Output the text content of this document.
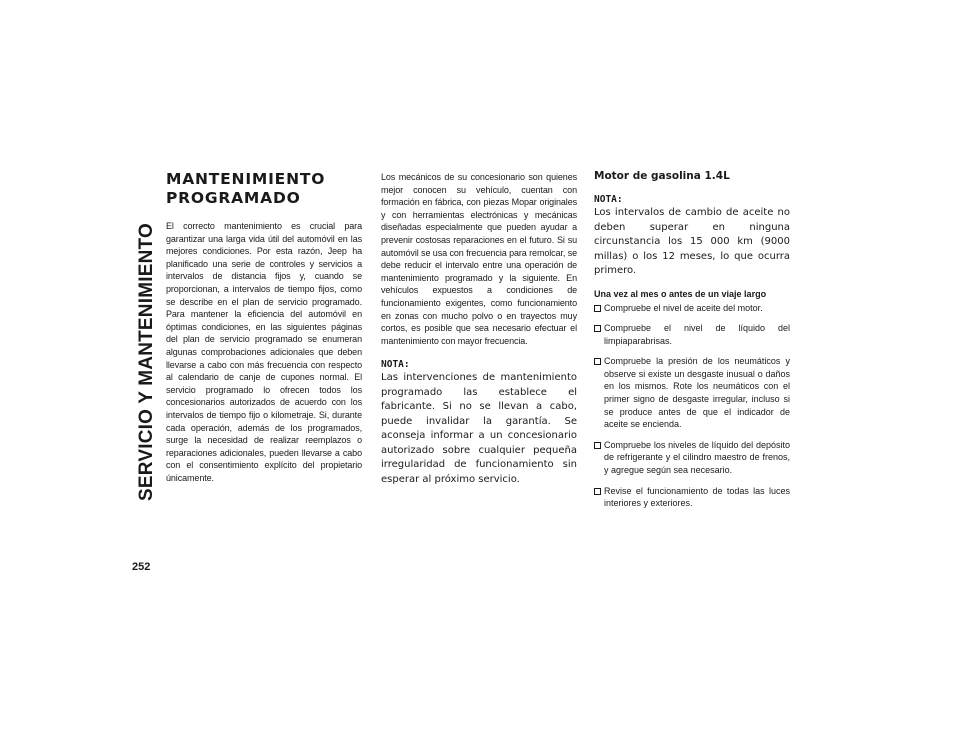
SERVICIO Y MANTENIMIENTO
252
MANTENIMIENTO PROGRAMADO

El correcto mantenimiento es crucial para garantizar una larga vida útil del automóvil en las mejores condiciones. Por esta razón, Jeep ha planificado una serie de controles y servicios a intervalos de distancia fijos y, cuando se proporcionan, a intervalos de tiempo fijos, como se describe en el plan de servicio programado. Para mantener la eficiencia del automóvil en óptimas condiciones, en las siguientes páginas del plan de servicio programado se enumeran algunas comprobaciones adicionales que deben llevarse a cabo con más frecuencia con respecto al calendario de canje de cupones normal. El servicio programado lo ofrecen todos los concesionarios autorizados de acuerdo con los intervalos de tiempo fijo o kilometraje. Si, durante cada operación, además de los programados, surge la necesidad de realizar reemplazos o reparaciones adicionales, pueden llevarse a cabo con el consentimiento explícito del propietario únicamente.

Los mecánicos de su concesionario son quienes mejor conocen su vehículo, cuentan con formación en fábrica, con piezas Mopar originales y con herramientas electrónicas y mecánicas diseñadas especialmente que pueden ayudar a prevenir costosas reparaciones en el futuro. Si su automóvil se usa con frecuencia para remolcar, se debe reducir el intervalo entre una operación de mantenimiento programado y la siguiente. En vehículos expuestos a condiciones de funcionamiento exigentes, como funcionamiento en zonas con mucho polvo o en trayectos muy cortos, es posible que sea necesario efectuar el mantenimiento con mayor frecuencia.

NOTA:

Las intervenciones de mantenimiento programado las establece el fabricante. Si no se llevan a cabo, puede invalidar la garantía. Se aconseja informar a un concesionario autorizado sobre cualquier pequeña irregularidad de funcionamiento sin esperar al próximo servicio.

Motor de gasolina 1.4L
NOTA:

Los intervalos de cambio de aceite no deben superar en ninguna circunstancia los 15 000 km (9000 millas) o los 12 meses, lo que ocurra primero.

Una vez al mes o antes de un viaje largo
Compruebe el nivel de aceite del motor.
Compruebe el nivel de líquido del limpiaparabrisas.
Compruebe la presión de los neumáticos y observe si existe un desgaste inusual o daños en los mismos. Rote los neumáticos con el primer signo de desgaste irregular, incluso si se produce antes de que el indicador de aceite se encienda.
Compruebe los niveles de líquido del depósito de refrigerante y el cilindro maestro de frenos, y agregue según sea necesario.
Revise el funcionamiento de todas las luces interiores y exteriores.
